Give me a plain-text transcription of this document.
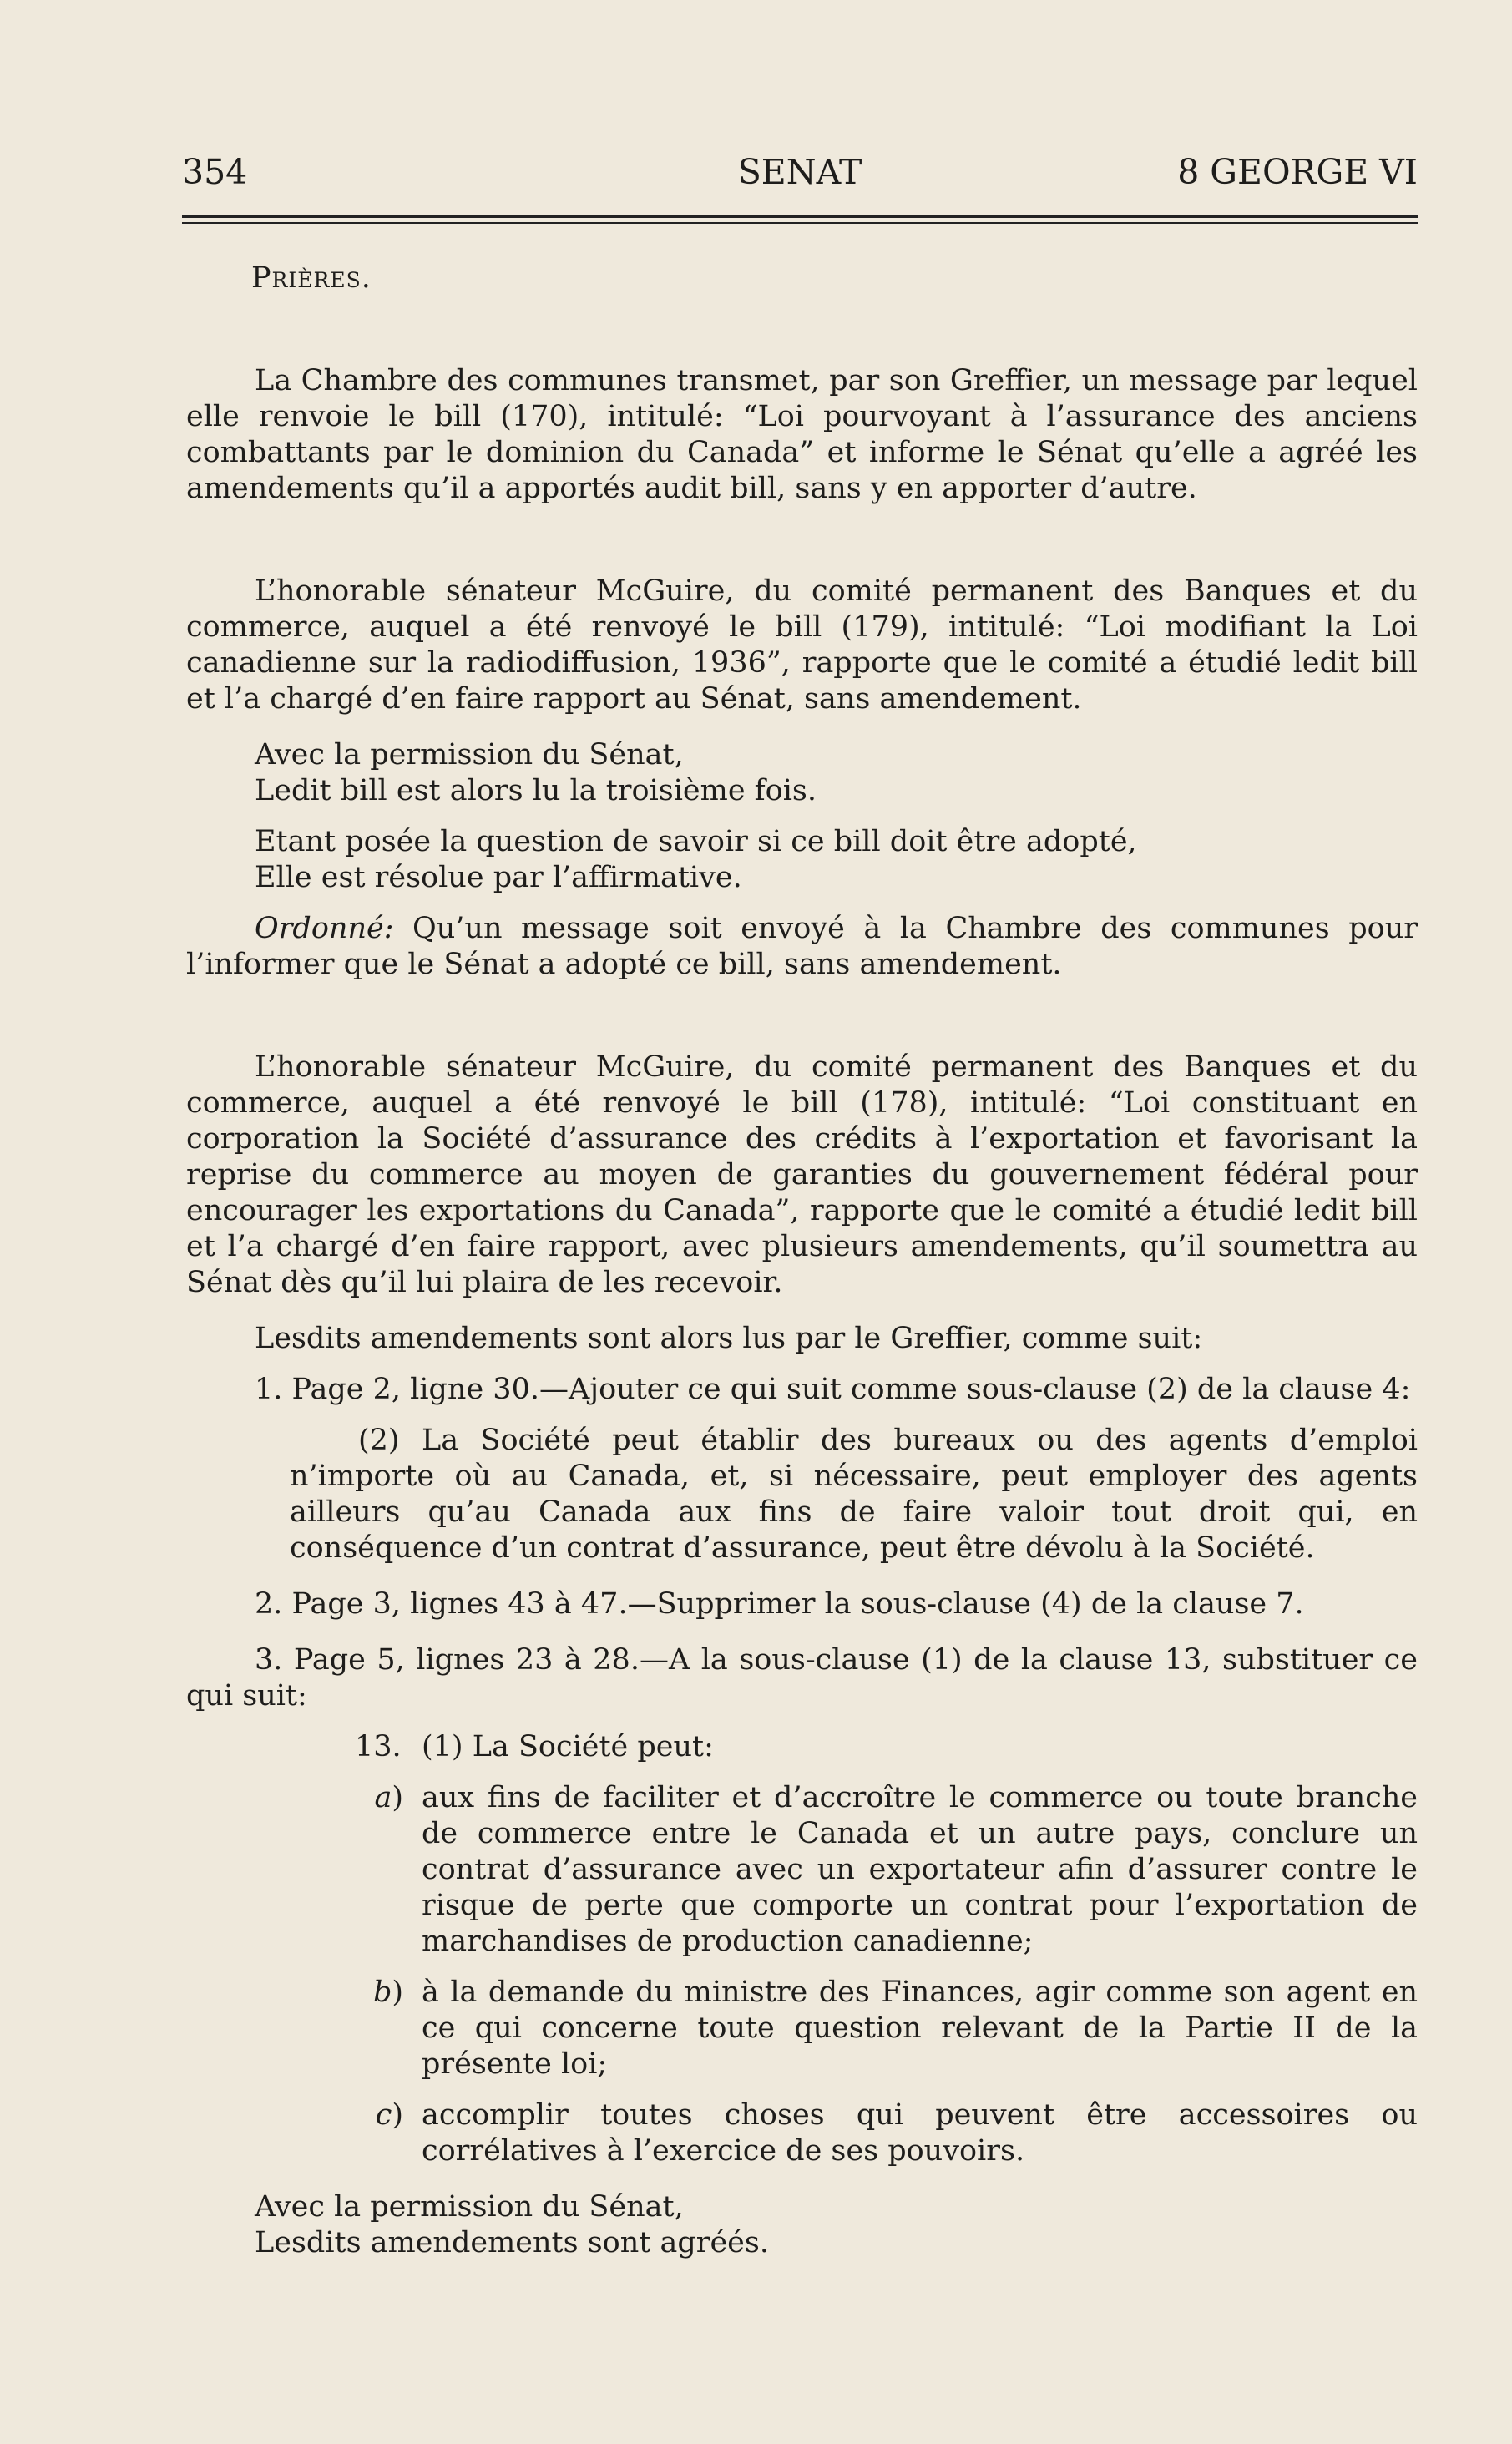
354	SENAT	8 GEORGE VI

Prières.

La Chambre des communes transmet, par son Greffier, un message par lequel elle renvoie le bill (170), intitulé: “Loi pourvoyant à l’assurance des anciens combattants par le dominion du Canada” et informe le Sénat qu’elle a agréé les amendements qu’il a apportés audit bill, sans y en apporter d’autre.

L’honorable sénateur McGuire, du comité permanent des Banques et du commerce, auquel a été renvoyé le bill (179), intitulé: “Loi modifiant la Loi canadienne sur la radiodiffusion, 1936”, rapporte que le comité a étudié ledit bill et l’a chargé d’en faire rapport au Sénat, sans amendement.

Avec la permission du Sénat,

Ledit bill est alors lu la troisième fois.

Etant posée la question de savoir si ce bill doit être adopté,

Elle est résolue par l’affirmative.

Ordonné: Qu’un message soit envoyé à la Chambre des communes pour l’informer que le Sénat a adopté ce bill, sans amendement.

L’honorable sénateur McGuire, du comité permanent des Banques et du commerce, auquel a été renvoyé le bill (178), intitulé: “Loi constituant en corporation la Société d’assurance des crédits à l’exportation et favorisant la reprise du commerce au moyen de garanties du gouvernement fédéral pour encourager les exportations du Canada”, rapporte que le comité a étudié ledit bill et l’a chargé d’en faire rapport, avec plusieurs amendements, qu’il soumettra au Sénat dès qu’il lui plaira de les recevoir.

Lesdits amendements sont alors lus par le Greffier, comme suit:

1. Page 2, ligne 30.—Ajouter ce qui suit comme sous-clause (2) de la clause 4:

(2) La Société peut établir des bureaux ou des agents d’emploi n’importe où au Canada, et, si nécessaire, peut employer des agents ailleurs qu’au Canada aux fins de faire valoir tout droit qui, en conséquence d’un contrat d’assurance, peut être dévolu à la Société.

2. Page 3, lignes 43 à 47.—Supprimer la sous-clause (4) de la clause 7.

3. Page 5, lignes 23 à 28.—A la sous-clause (1) de la clause 13, substituer ce qui suit:

13. (1) La Société peut:
a) aux fins de faciliter et d’accroître le commerce ou toute branche de commerce entre le Canada et un autre pays, conclure un contrat d’assurance avec un exportateur afin d’assurer contre le risque de perte que comporte un contrat pour l’exportation de marchandises de production canadienne;
b) à la demande du ministre des Finances, agir comme son agent en ce qui concerne toute question relevant de la Partie II de la présente loi;
c) accomplir toutes choses qui peuvent être accessoires ou corrélatives à l’exercice de ses pouvoirs.

Avec la permission du Sénat,

Lesdits amendements sont agréés.
